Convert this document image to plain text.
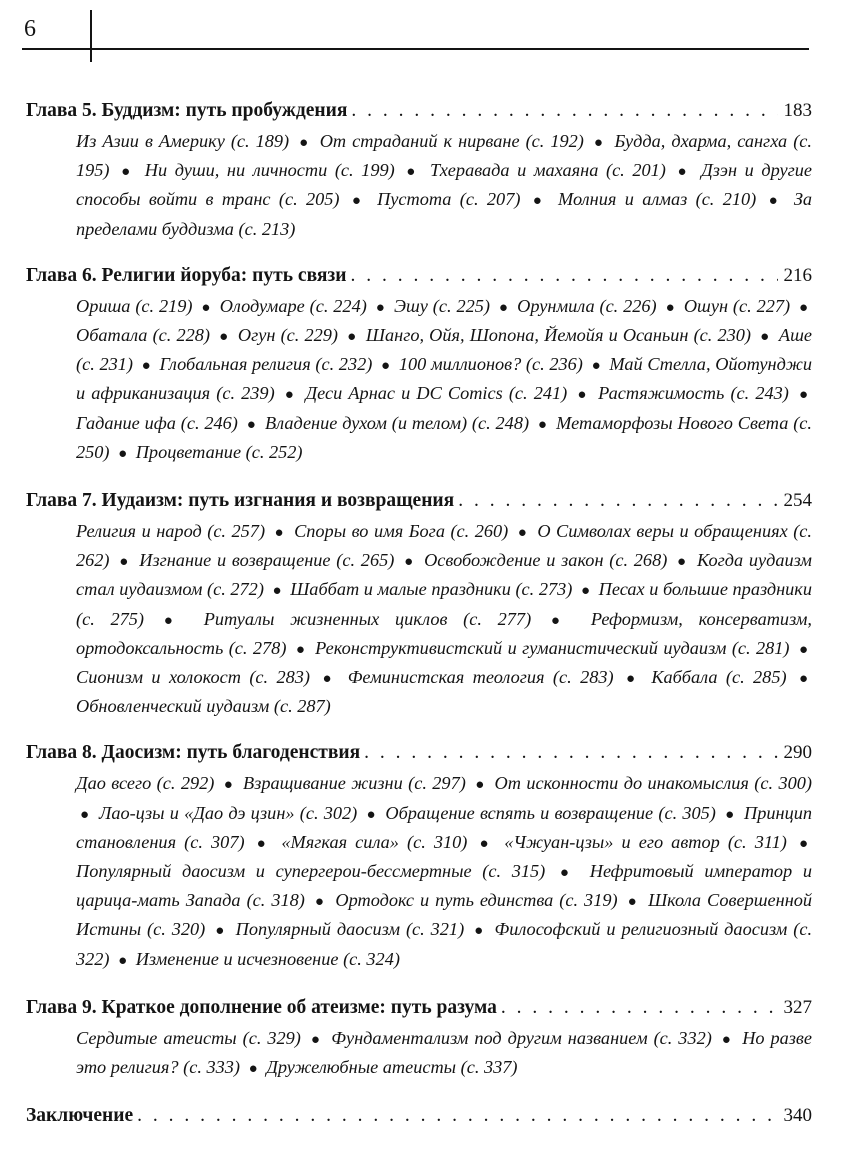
6
Глава 5. Буддизм: путь пробуждения . . .	183
Из Азии в Америку (с. 189) ● От страданий к нирване (с. 192) ● Будда, дхарма, сангха (с. 195) ● Ни души, ни личности (с. 199) ● Тхеравада и махаяна (с. 201) ● Дзэн и другие способы войти в транс (с. 205) ● Пустота (с. 207) ● Молния и алмаз (с. 210) ● За пределами буддизма (с. 213)
Глава 6. Религии йоруба: путь связи . . .	216
Ориша (с. 219) ● Олодумаре (с. 224) ● Эшу (с. 225) ● Орунмила (с. 226) ● Ошун (с. 227) ● Обатала (с. 228) ● Огун (с. 229) ● Шанго, Ойя, Шопона, Йемойя и Осаньин (с. 230) ● Аше (с. 231) ● Глобальная религия (с. 232) ● 100 миллионов? (с. 236) ● Май Стелла, Ойотунджи и африканизация (с. 239) ● Деси Арнас и DC Comics (с. 241) ● Растяжимость (с. 243) ● Гадание ифа (с. 246) ● Владение духом (и телом) (с. 248) ● Метаморфозы Нового Света (с. 250) ● Процветание (с. 252)
Глава 7. Иудаизм: путь изгнания и возвращения . . .	254
Религия и народ (с. 257) ● Споры во имя Бога (с. 260) ● О Символах веры и обращениях (с. 262) ● Изгнание и возвращение (с. 265) ● Освобождение и закон (с. 268) ● Когда иудаизм стал иудаизмом (с. 272) ● Шаббат и малые праздники (с. 273) ● Песах и большие праздники (с. 275) ● Ритуалы жизненных циклов (с. 277) ● Реформизм, консерватизм, ортодоксальность (с. 278) ● Реконструктивистский и гуманистический иудаизм (с. 281) ● Сионизм и холокост (с. 283) ● Феминистская теология (с. 283) ● Каббала (с. 285) ● Обновленческий иудаизм (с. 287)
Глава 8. Даосизм: путь благоденствия . . .	290
Дао всего (с. 292) ● Взращивание жизни (с. 297) ● От исконности до инакомыслия (с. 300) ● Лао-цзы и «Дао дэ цзин» (с. 302) ● Обращение вспять и возвращение (с. 305) ● Принцип становления (с. 307) ● «Мягкая сила» (с. 310) ● «Чжуан-цзы» и его автор (с. 311) ● Популярный даосизм и супергерои-бессмертные (с. 315) ● Нефритовый император и царица-мать Запада (с. 318) ● Ортодокс и путь единства (с. 319) ● Школа Совершенной Истины (с. 320) ● Популярный даосизм (с. 321) ● Философский и религиозный даосизм (с. 322) ● Изменение и исчезновение (с. 324)
Глава 9. Краткое дополнение об атеизме: путь разума . . .	327
Сердитые атеисты (с. 329) ● Фундаментализм под другим названием (с. 332) ● Но разве это религия? (с. 333) ● Дружелюбные атеисты (с. 337)
Заключение . . .	340
